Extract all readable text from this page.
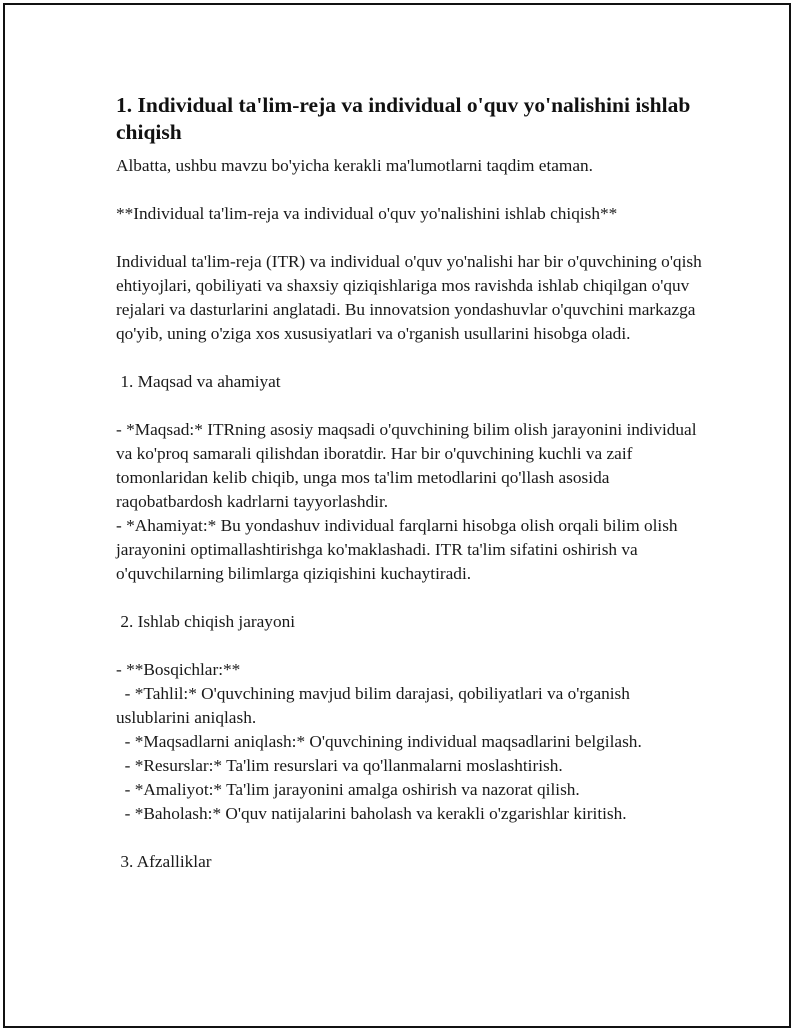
1. Individual ta'lim-reja va individual o'quv yo'nalishini ishlab chiqish

Albatta, ushbu mavzu bo'yicha kerakli ma'lumotlarni taqdim etaman.

**Individual ta'lim-reja va individual o'quv yo'nalishini ishlab chiqish**

Individual ta'lim-reja (ITR) va individual o'quv yo'nalishi har bir o'quvchining o'qish ehtiyojlari, qobiliyati va shaxsiy qiziqishlariga mos ravishda ishlab chiqilgan o'quv rejalari va dasturlarini anglatadi. Bu innovatsion yondashuvlar o'quvchini markazga qo'yib, uning o'ziga xos xususiyatlari va o'rganish usullarini hisobga oladi.

1. Maqsad va ahamiyat

- *Maqsad:* ITRning asosiy maqsadi o'quvchining bilim olish jarayonini individual va ko'proq samarali qilishdan iboratdir. Har bir o'quvchining kuchli va zaif tomonlaridan kelib chiqib, unga mos ta'lim metodlarini qo'llash asosida raqobatbardosh kadrlarni tayyorlashdir.

- *Ahamiyat:* Bu yondashuv individual farqlarni hisobga olish orqali bilim olish jarayonini optimallashtirishga ko'maklashadi. ITR ta'lim sifatini oshirish va o'quvchilarning bilimlarga qiziqishini kuchaytiradi.

2. Ishlab chiqish jarayoni

- **Bosqichlar:**

- *Tahlil:* O'quvchining mavjud bilim darajasi, qobiliyatlari va o'rganish uslublarini aniqlash.

- *Maqsadlarni aniqlash:* O'quvchining individual maqsadlarini belgilash.

- *Resurslar:* Ta'lim resurslari va qo'llanmalarni moslashtirish.

- *Amaliyot:* Ta'lim jarayonini amalga oshirish va nazorat qilish.

- *Baholash:* O'quv natijalarini baholash va kerakli o'zgarishlar kiritish.

3. Afzalliklar
